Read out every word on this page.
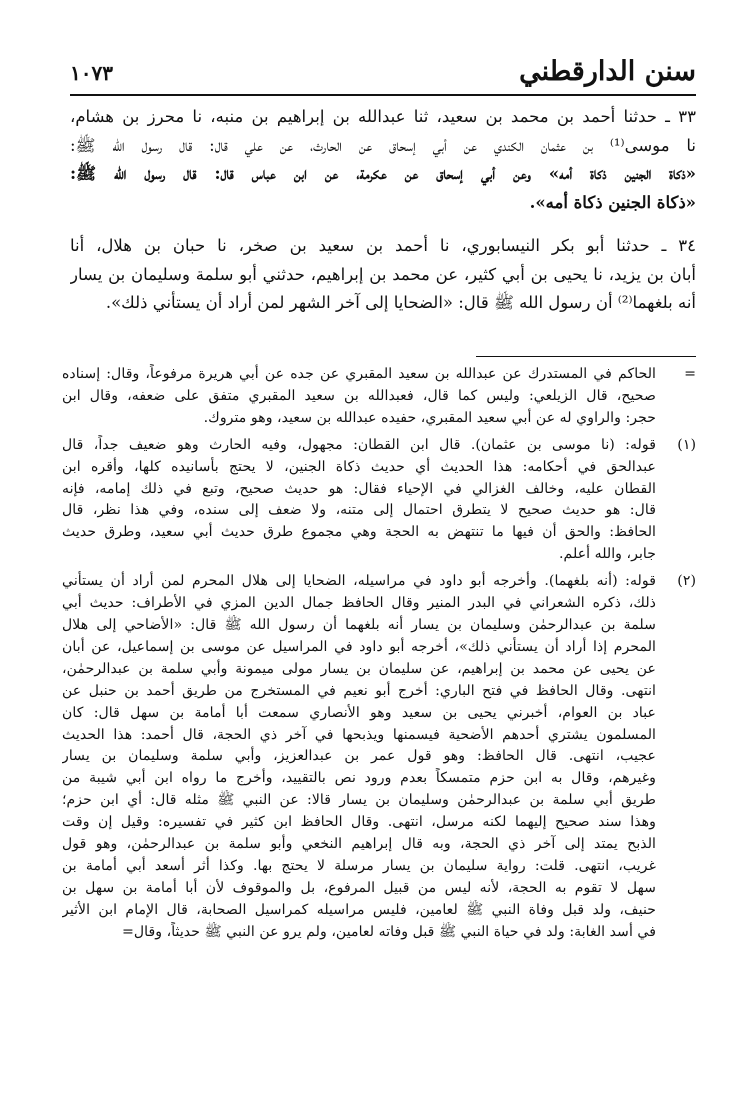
سنن الدارقطني
١٠٧٣

٣٣ ـ حدثنا أحمد بن محمد بن سعيد، ثنا عبدالله بن إبراهيم بن منبه، نا محرز بن هشام،
نا موسى⁽¹⁾ بن عثمان الكندي عن أبي إسحاق عن الحارث، عن علي قال: قال رسول الله ﷺ:
«ذكاة الجنين ذكاة أمه» وعن أبي إسحاق عن عكرمة، عن ابن عباس قال: قال رسول الله ﷺ:
«ذكاة الجنين ذكاة أمه».

٣٤ ـ حدثنا أبو بكر النيسابوري، نا أحمد بن سعيد بن صخر، نا حبان بن هلال، أنا
أبان بن يزيد، نا يحيى بن أبي كثير، عن محمد بن إبراهيم، حدثني أبو سلمة وسليمان بن يسار
أنه بلغهما⁽²⁾ أن رسول الله ﷺ قال: «الضحايا إلى آخر الشهر لمن أراد أن يستأني ذلك».

=
الحاكم في المستدرك عن عبدالله بن سعيد المقبري عن جده عن أبي هريرة مرفوعاً، وقال: إسناده
صحيح، قال الزيلعي: وليس كما قال، فعبدالله بن سعيد المقبري متفق على ضعفه، وقال ابن
حجر: والراوي له عن أبي سعيد المقبري، حفيده عبدالله بن سعيد، وهو متروك.
(١)
قوله: (نا موسى بن عثمان). قال ابن القطان: مجهول، وفيه الحارث وهو ضعيف جداً، قال
عبدالحق في أحكامه: هذا الحديث أي حديث ذكاة الجنين، لا يحتج بأسانيده كلها، وأقره ابن
القطان عليه، وخالف الغزالي في الإحياء فقال: هو حديث صحيح، وتبع في ذلك إمامه، فإنه
قال: هو حديث صحيح لا يتطرق احتمال إلى متنه، ولا ضعف إلى سنده، وفي هذا نظر، قال
الحافظ: والحق أن فيها ما تنتهض به الحجة وهي مجموع طرق حديث أبي سعيد، وطرق حديث
جابر، والله أعلم.
(٢)
قوله: (أنه بلغهما). وأخرجه أبو داود في مراسيله، الضحايا إلى هلال المحرم لمن أراد أن يستأني
ذلك، ذكره الشعراني في البدر المنير وقال الحافظ جمال الدين المزي في الأطراف: حديث أبي
سلمة بن عبدالرحمٰن وسليمان بن يسار أنه بلغهما أن رسول الله ﷺ قال: «الأضاحي إلى هلال
المحرم إذا أراد أن يستأني ذلك»، أخرجه أبو داود في المراسيل عن موسى بن إسماعيل، عن أبان
عن يحيى عن محمد بن إبراهيم، عن سليمان بن يسار مولى ميمونة وأبي سلمة بن عبدالرحمٰن،
انتهى. وقال الحافظ في فتح الباري: أخرج أبو نعيم في المستخرج من طريق أحمد بن حنبل عن
عباد بن العوام، أخبرني يحيى بن سعيد وهو الأنصاري سمعت أبا أمامة بن سهل قال: كان
المسلمون يشتري أحدهم الأضحية فيسمنها ويذبحها في آخر ذي الحجة، قال أحمد: هذا الحديث
عجيب، انتهى. قال الحافظ: وهو قول عمر بن عبدالعزيز، وأبي سلمة وسليمان بن يسار
وغيرهم، وقال به ابن حزم متمسكاً بعدم ورود نص بالتقييد، وأخرج ما رواه ابن أبي شيبة من
طريق أبي سلمة بن عبدالرحمٰن وسليمان بن يسار قالا: عن النبي ﷺ مثله قال: أي ابن حزم؛
وهذا سند صحيح إليهما لكنه مرسل، انتهى. وقال الحافظ ابن كثير في تفسيره: وقيل إن وقت
الذبح يمتد إلى آخر ذي الحجة، وبه قال إبراهيم النخعي وأبو سلمة بن عبدالرحمٰن، وهو قول
غريب، انتهى. قلت: رواية سليمان بن يسار مرسلة لا يحتج بها. وكذا أثر أسعد أبي أمامة بن
سهل لا تقوم به الحجة، لأنه ليس من قبيل المرفوع، بل والموقوف لأن أبا أمامة بن سهل بن
حنيف، ولد قبل وفاة النبي ﷺ لعامين، فليس مراسيله كمراسيل الصحابة، قال الإمام ابن الأثير
في أسد الغابة: ولد في حياة النبي ﷺ قبل وفاته لعامين، ولم يرو عن النبي ﷺ حديثاً، وقال=
